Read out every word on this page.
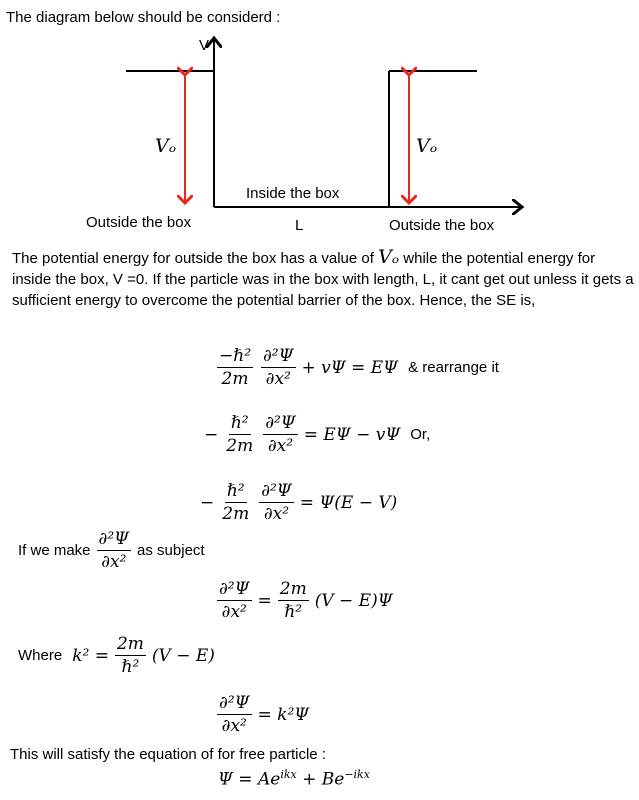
The diagram below should be considerd :
V
Vₒ	Vₒ
Inside the box
Outside the box	L	Outside the box

The potential energy for outside the box has a value of Vₒ while the potential energy for inside the box, V =0. If the particle was in the box with length, L, it cant get out unless it gets a sufficient energy to overcome the potential barrier of the box. Hence, the SE is,

$\frac{\text{−ℏ²}}{2m} \frac{\text{∂²Ψ}}{\text{∂x²}} + v\Psi = E\Psi$ & rearrange it
− $\frac{\text{ℏ²}}{2m} \frac{\text{∂²Ψ}}{\text{∂x²}} = E\Psi - v\Psi$ Or,
− $\frac{\text{ℏ²}}{2m} \frac{\text{∂²Ψ}}{\text{∂x²}} = \Psi(E - V)$
If we make $\frac{\text{∂²Ψ}}{\text{∂x²}}$ as subject
$\frac{\text{∂²Ψ}}{\text{∂x²}} = \frac{2m}{\text{ℏ²}} (V - E)\Psi$
Where $k^2 = \frac{2m}{\text{ℏ²}} (V - E)$
$\frac{\text{∂²Ψ}}{\text{∂x²}} = k^2\Psi$
This will satisfy the equation of for free particle :
$\Psi = Ae^{ikx} + Be^{-ikx}$
